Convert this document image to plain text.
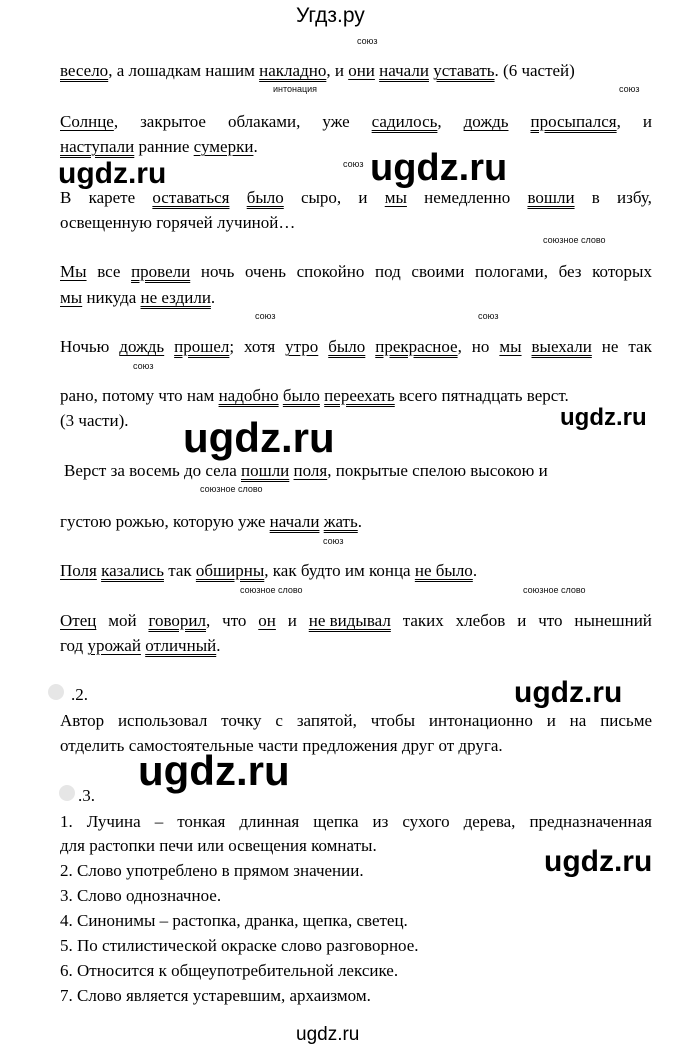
Угдз.ру
ugdz.ru	ugdz.ru
ugdz.ru
ugdz.ru
ugdz.ru
ugdz.ru
ugdz.ru
союз
интонация	союз
союз
союзное слово
союз	союз
союз
союзное слово
союз
союзное слово	союзное слово
весело, а лошадкам нашим накладно, и они начали уставать. (6 частей)
Солнце, закрытое облаками, уже садилось, дождь просыпался, и
наступали ранние сумерки.
В карете оставаться было сыро, и мы немедленно вошли в избу,
освещенную горячей лучиной…
Мы все провели ночь очень спокойно под своими пологами, без которых
мы никуда не ездили.
Ночью дождь прошел; хотя утро было прекрасное, но мы выехали не так
рано, потому что нам надобно было переехать всего пятнадцать верст.
(3 части).
Верст за восемь до села пошли поля, покрытые спелою высокою и
густою рожью, которую уже начали жать.
Поля казались так обширны, как будто им конца не было.
Отец мой говорил, что он и не видывал таких хлебов и что нынешний
год урожай отличный.
.2.
Автор использовал точку с запятой, чтобы интонационно и на письме
отделить самостоятельные части предложения друг от друга.
.3.
1. Лучина – тонкая длинная щепка из сухого дерева, предназначенная
для растопки печи или освещения комнаты.
2. Слово употреблено в прямом значении.
3. Слово однозначное.
4. Синонимы – растопка, дранка, щепка, светец.
5. По стилистической окраске слово разговорное.
6. Относится к общеупотребительной лексике.
7. Слово является устаревшим, архаизмом.
ugdz.ru
